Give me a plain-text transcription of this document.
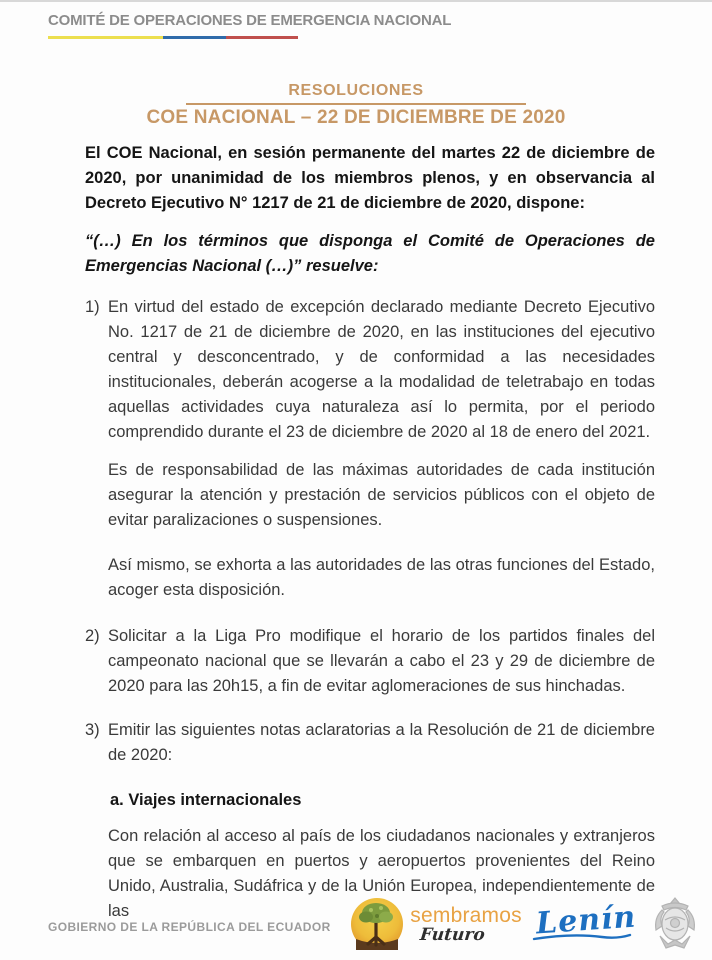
COMITÉ DE OPERACIONES DE EMERGENCIA NACIONAL
RESOLUCIONES
COE NACIONAL – 22 DE DICIEMBRE DE 2020

El COE Nacional, en sesión permanente del martes 22 de diciembre de 2020, por unanimidad de los miembros plenos, y en observancia al Decreto Ejecutivo N° 1217 de 21 de diciembre de 2020, dispone:

“(…) En los términos que disponga el Comité de Operaciones de Emergencias Nacional (…)” resuelve:

1) En virtud del estado de excepción declarado mediante Decreto Ejecutivo No. 1217 de 21 de diciembre de 2020, en las instituciones del ejecutivo central y desconcentrado, y de conformidad a las necesidades institucionales, deberán acogerse a la modalidad de teletrabajo en todas aquellas actividades cuya naturaleza así lo permita, por el periodo comprendido durante el 23 de diciembre de 2020 al 18 de enero del 2021.

Es de responsabilidad de las máximas autoridades de cada institución asegurar la atención y prestación de servicios públicos con el objeto de evitar paralizaciones o suspensiones.

Así mismo, se exhorta a las autoridades de las otras funciones del Estado, acoger esta disposición.

2) Solicitar a la Liga Pro modifique el horario de los partidos finales del campeonato nacional que se llevarán a cabo el 23 y 29 de diciembre de 2020 para las 20h15, a fin de evitar aglomeraciones de sus hinchadas.

3) Emitir las siguientes notas aclaratorias a la Resolución de 21 de diciembre de 2020:

a. Viajes internacionales

Con relación al acceso al país de los ciudadanos nacionales y extranjeros que se embarquen en puertos y aeropuertos provenientes del Reino Unido, Australia, Sudáfrica y de la Unión Europea, independientemente de las

GOBIERNO DE LA REPÚBLICA DEL ECUADOR
sembramos
Futuro	Lenín
